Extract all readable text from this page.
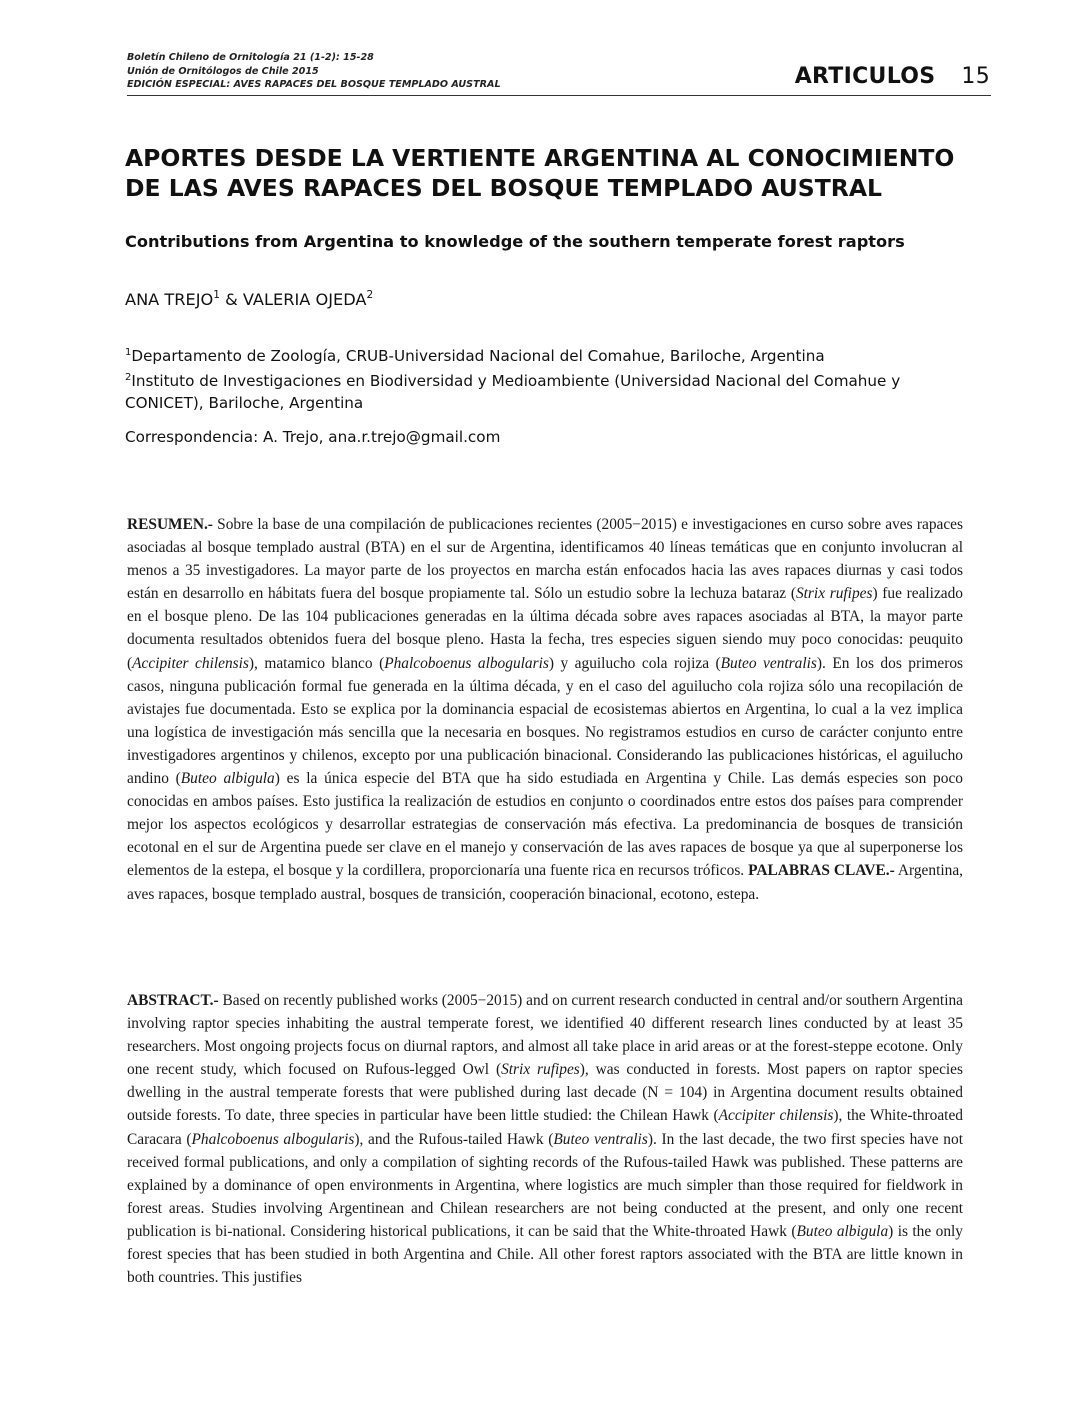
Boletín Chileno de Ornitología 21 (1-2): 15-28
Unión de Ornitólogos de Chile 2015
EDICIÓN ESPECIAL: AVES RAPACES DEL BOSQUE TEMPLADO AUSTRAL	ARTICULOS 15
APORTES DESDE LA VERTIENTE ARGENTINA AL CONOCIMIENTO DE LAS AVES RAPACES DEL BOSQUE TEMPLADO AUSTRAL
Contributions from Argentina to knowledge of the southern temperate forest raptors
ANA TREJO$^1$ & VALERIA OJEDA$^2$
$^1$Departamento de Zoología, CRUB-Universidad Nacional del Comahue, Bariloche, Argentina
$^2$Instituto de Investigaciones en Biodiversidad y Medioambiente (Universidad Nacional del Comahue y CONICET), Bariloche, Argentina
Correspondencia: A. Trejo, ana.r.trejo@gmail.com
RESUMEN.- Sobre la base de una compilación de publicaciones recientes (2005−2015) e investigaciones en curso sobre aves rapaces asociadas al bosque templado austral (BTA) en el sur de Argentina, identificamos 40 líneas temáticas que en conjunto involucran al menos a 35 investigadores. La mayor parte de los proyectos en marcha están enfocados hacia las aves rapaces diurnas y casi todos están en desarrollo en hábitats fuera del bosque propiamente tal. Sólo un estudio sobre la lechuza bataraz (Strix rufipes) fue realizado en el bosque pleno. De las 104 publicaciones generadas en la última década sobre aves rapaces asociadas al BTA, la mayor parte documenta resultados obtenidos fuera del bosque pleno. Hasta la fecha, tres especies siguen siendo muy poco conocidas: peuquito (Accipiter chilensis), matamico blanco (Phalcoboenus albogularis) y aguilucho cola rojiza (Buteo ventralis). En los dos primeros casos, ninguna publicación formal fue generada en la última década, y en el caso del aguilucho cola rojiza sólo una recopilación de avistajes fue documentada. Esto se explica por la dominancia espacial de ecosistemas abiertos en Argentina, lo cual a la vez implica una logística de investigación más sencilla que la necesaria en bosques. No registramos estudios en curso de carácter conjunto entre investigadores argentinos y chilenos, excepto por una publicación binacional. Considerando las publicaciones históricas, el aguilucho andino (Buteo albigula) es la única especie del BTA que ha sido estudiada en Argentina y Chile. Las demás especies son poco conocidas en ambos países. Esto justifica la realización de estudios en conjunto o coordinados entre estos dos países para comprender mejor los aspectos ecológicos y desarrollar estrategias de conservación más efectiva. La predominancia de bosques de transición ecotonal en el sur de Argentina puede ser clave en el manejo y conservación de las aves rapaces de bosque ya que al superponerse los elementos de la estepa, el bosque y la cordillera, proporcionaría una fuente rica en recursos tróficos. PALABRAS CLAVE.- Argentina, aves rapaces, bosque templado austral, bosques de transición, cooperación binacional, ecotono, estepa.
ABSTRACT.- Based on recently published works (2005−2015) and on current research conducted in central and/or southern Argentina involving raptor species inhabiting the austral temperate forest, we identified 40 different research lines conducted by at least 35 researchers. Most ongoing projects focus on diurnal raptors, and almost all take place in arid areas or at the forest-steppe ecotone. Only one recent study, which focused on Rufous-legged Owl (Strix rufipes), was conducted in forests. Most papers on raptor species dwelling in the austral temperate forests that were published during last decade (N = 104) in Argentina document results obtained outside forests. To date, three species in particular have been little studied: the Chilean Hawk (Accipiter chilensis), the White-throated Caracara (Phalcoboenus albogularis), and the Rufous-tailed Hawk (Buteo ventralis). In the last decade, the two first species have not received formal publications, and only a compilation of sighting records of the Rufous-tailed Hawk was published. These patterns are explained by a dominance of open environments in Argentina, where logistics are much simpler than those required for fieldwork in forest areas. Studies involving Argentinean and Chilean researchers are not being conducted at the present, and only one recent publication is bi-national. Considering historical publications, it can be said that the White-throated Hawk (Buteo albigula) is the only forest species that has been studied in both Argentina and Chile. All other forest raptors associated with the BTA are little known in both countries. This justifies
